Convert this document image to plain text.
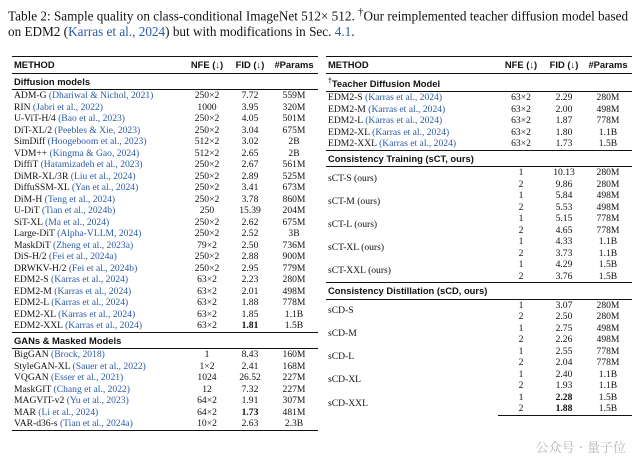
Table 2: Sample quality on class-conditional ImageNet 512× 512. †Our reimplemented teacher diffusion model based on EDM2 (Karras et al., 2024) but with modifications in Sec. 4.1.
METHOD	NFE (↓)	FID (↓)	#Params
Diffusion models			
ADM-G (Dhariwal & Nichol, 2021)	250×2	7.72	559M
RIN (Jabri et al., 2022)	1000	3.95	320M
U-ViT-H/4 (Bao et al., 2023)	250×2	4.05	501M
DiT-XL/2 (Peebles & Xie, 2023)	250×2	3.04	675M
SimDiff (Hoogeboom et al., 2023)	512×2	3.02	2B
VDM++ (Kingma & Gao, 2024)	512×2	2.65	2B
DiffiT (Hatamizadeh et al., 2023)	250×2	2.67	561M
DiMR-XL/3R (Liu et al., 2024)	250×2	2.89	525M
DiffuSSM-XL (Yan et al., 2024)	250×2	3.41	673M
DiM-H (Teng et al., 2024)	250×2	3.78	860M
U-DiT (Tian et al., 2024b)	250	15.39	204M
SiT-XL (Ma et al., 2024)	250×2	2.62	675M
Large-DiT (Alpha-VLLM, 2024)	250×2	2.52	3B
MaskDiT (Zheng et al., 2023a)	79×2	2.50	736M
DiS-H/2 (Fei et al., 2024a)	250×2	2.88	900M
DRWKV-H/2 (Fei et al., 2024b)	250×2	2.95	779M
EDM2-S (Karras et al., 2024)	63×2	2.23	280M
EDM2-M (Karras et al., 2024)	63×2	2.01	498M
EDM2-L (Karras et al., 2024)	63×2	1.88	778M
EDM2-XL (Karras et al., 2024)	63×2	1.85	1.1B
EDM2-XXL (Karras et al., 2024)	63×2	1.81	1.5B
GANs & Masked Models			
BigGAN (Brock, 2018)	1	8.43	160M
StyleGAN-XL (Sauer et al., 2022)	1×2	2.41	168M
VQGAN (Esser et al., 2021)	1024	26.52	227M
MaskGIT (Chang et al., 2022)	12	7.32	227M
MAGVIT-v2 (Yu et al., 2023)	64×2	1.91	307M
MAR (Li et al., 2024)	64×2	1.73	481M
VAR-d36-s (Tian et al., 2024a)	10×2	2.63	2.3B
METHOD	NFE (↓)	FID (↓)	#Params
†Teacher Diffusion Model			
EDM2-S (Karras et al., 2024)	63×2	2.29	280M
EDM2-M (Karras et al., 2024)	63×2	2.00	498M
EDM2-L (Karras et al., 2024)	63×2	1.87	778M
EDM2-XL (Karras et al., 2024)	63×2	1.80	1.1B
EDM2-XXL (Karras et al., 2024)	63×2	1.73	1.5B
Consistency Training (sCT, ours)			
sCT-S (ours)	1	10.13	280M
	2	9.86	280M
sCT-M (ours)	1	5.84	498M
	2	5.53	498M
sCT-L (ours)	1	5.15	778M
	2	4.65	778M
sCT-XL (ours)	1	4.33	1.1B
	2	3.73	1.1B
sCT-XXL (ours)	1	4.29	1.5B
	2	3.76	1.5B
Consistency Distillation (sCD, ours)			
sCD-S	1	3.07	280M
	2	2.50	280M
sCD-M	1	2.75	498M
	2	2.26	498M
sCD-L	1	2.55	778M
	2	2.04	778M
sCD-XL	1	2.40	1.1B
	2	1.93	1.1B
sCD-XXL	1	2.28	1.5B
	2	1.88	1.5B
公众号 · 量子位
